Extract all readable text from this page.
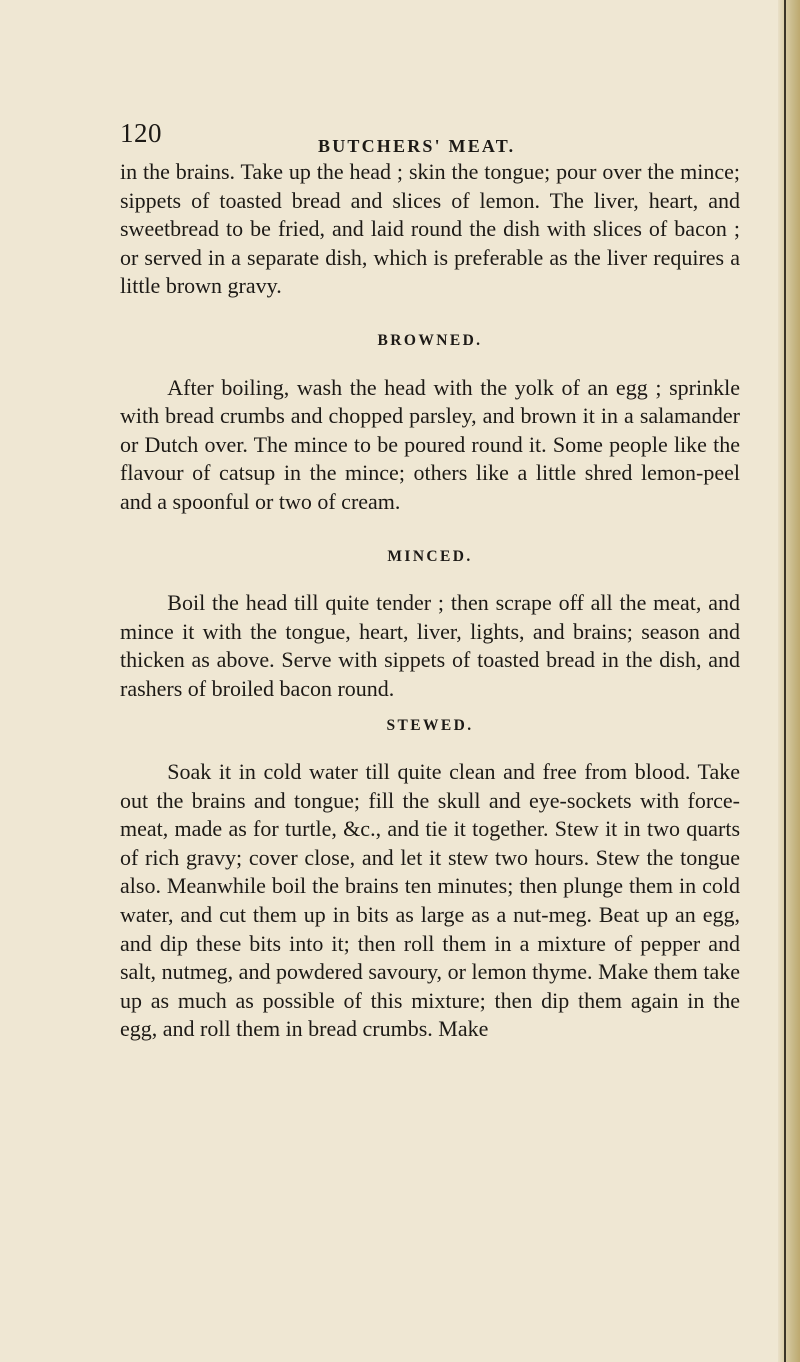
120	BUTCHERS' MEAT.

in the brains. Take up the head ; skin the tongue; pour over the mince; sippets of toasted bread and slices of lemon. The liver, heart, and sweetbread to be fried, and laid round the dish with slices of bacon ; or served in a separate dish, which is preferable as the liver requires a little brown gravy.

BROWNED.

After boiling, wash the head with the yolk of an egg ; sprinkle with bread crumbs and chopped parsley, and brown it in a salamander or Dutch over. The mince to be poured round it. Some people like the flavour of catsup in the mince; others like a little shred lemon-peel and a spoonful or two of cream.

MINCED.

Boil the head till quite tender ; then scrape off all the meat, and mince it with the tongue, heart, liver, lights, and brains; season and thicken as above. Serve with sippets of toasted bread in the dish, and rashers of broiled bacon round.

STEWED.

Soak it in cold water till quite clean and free from blood. Take out the brains and tongue; fill the skull and eye-sockets with force-meat, made as for turtle, &c., and tie it together. Stew it in two quarts of rich gravy; cover close, and let it stew two hours. Stew the tongue also. Meanwhile boil the brains ten minutes; then plunge them in cold water, and cut them up in bits as large as a nut-meg. Beat up an egg, and dip these bits into it; then roll them in a mixture of pepper and salt, nutmeg, and powdered savoury, or lemon thyme. Make them take up as much as possible of this mixture; then dip them again in the egg, and roll them in bread crumbs. Make
